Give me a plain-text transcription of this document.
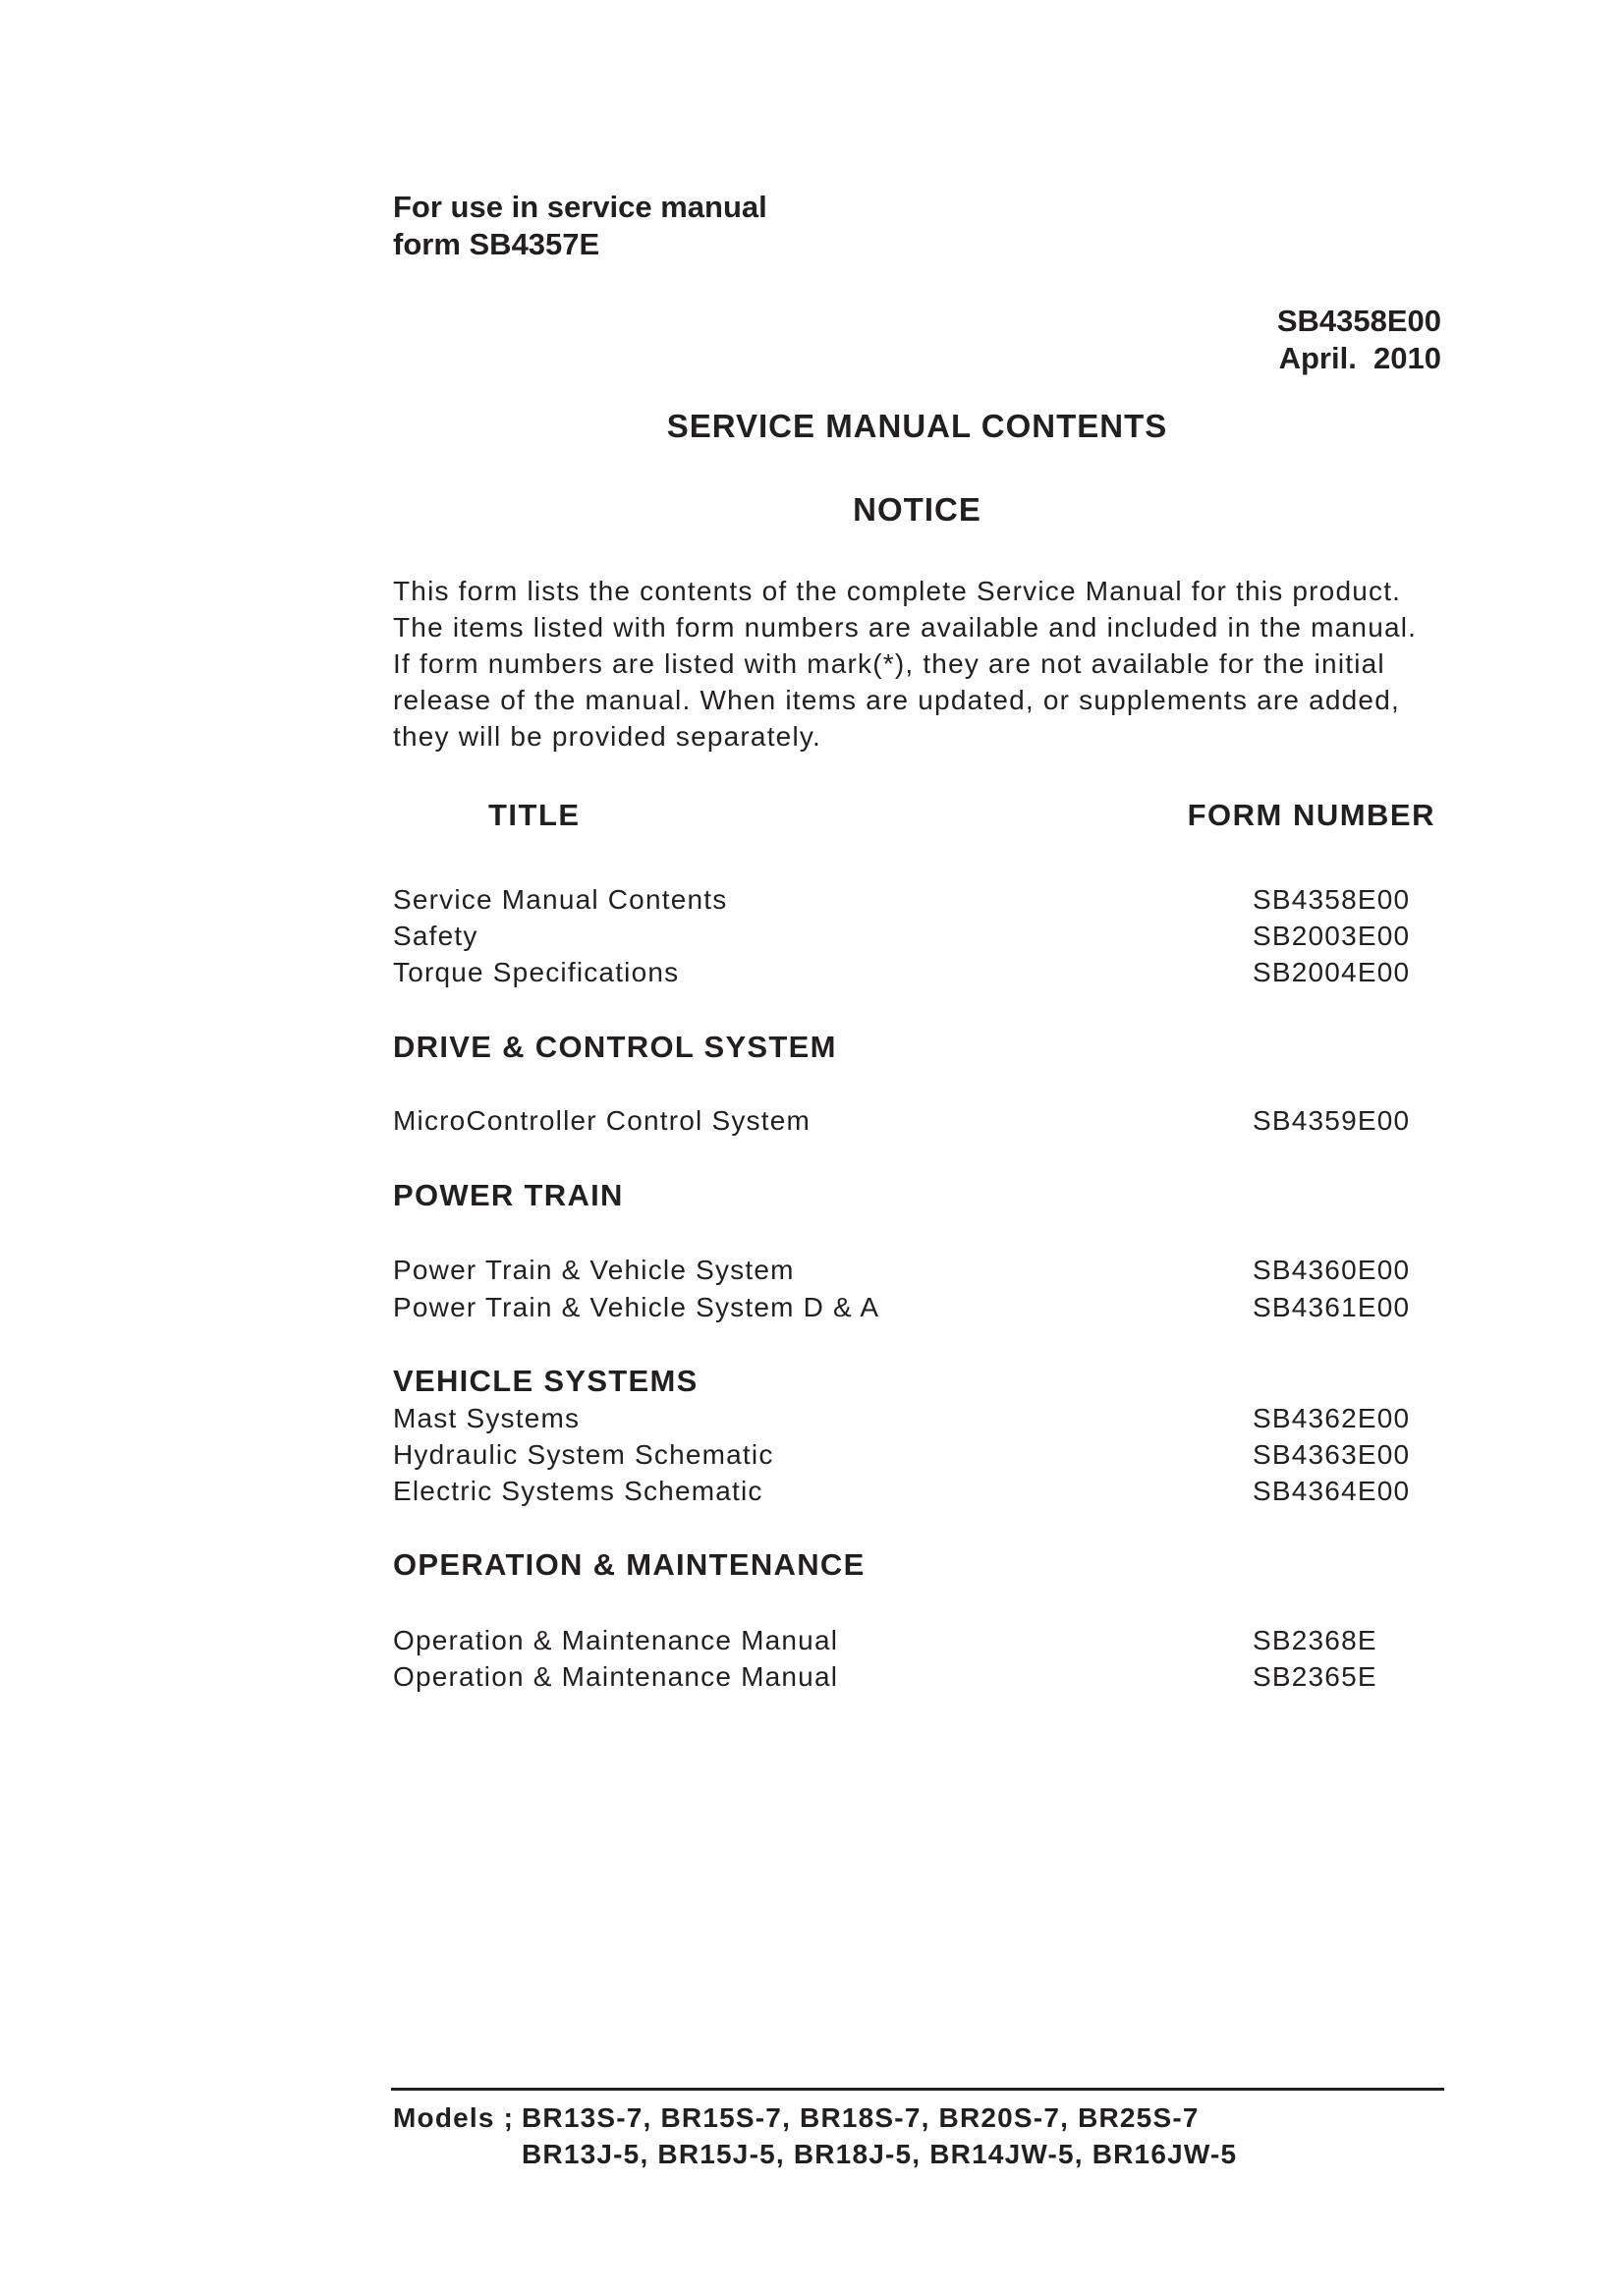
For use in service manual
form SB4357E
SB4358E00
April.  2010
SERVICE MANUAL CONTENTS
NOTICE
This form lists the contents of the complete Service Manual for this product.
The items listed with form numbers are available and included in the manual.
If form numbers are listed with mark(*), they are not available for the initial
release of the manual. When items are updated, or supplements are added,
they will be provided separately.
TITLE	FORM NUMBER
Service Manual Contents	SB4358E00
Safety	SB2003E00
Torque Specifications	SB2004E00
DRIVE & CONTROL SYSTEM
MicroController Control System	SB4359E00
POWER TRAIN
Power Train & Vehicle System	SB4360E00
Power Train & Vehicle System D & A	SB4361E00
VEHICLE SYSTEMS
Mast Systems	SB4362E00
Hydraulic System Schematic	SB4363E00
Electric Systems Schematic	SB4364E00
OPERATION & MAINTENANCE
Operation & Maintenance Manual	SB2368E
Operation & Maintenance Manual	SB2365E
Models ; BR13S-7, BR15S-7, BR18S-7, BR20S-7, BR25S-7
BR13J-5, BR15J-5, BR18J-5, BR14JW-5, BR16JW-5
